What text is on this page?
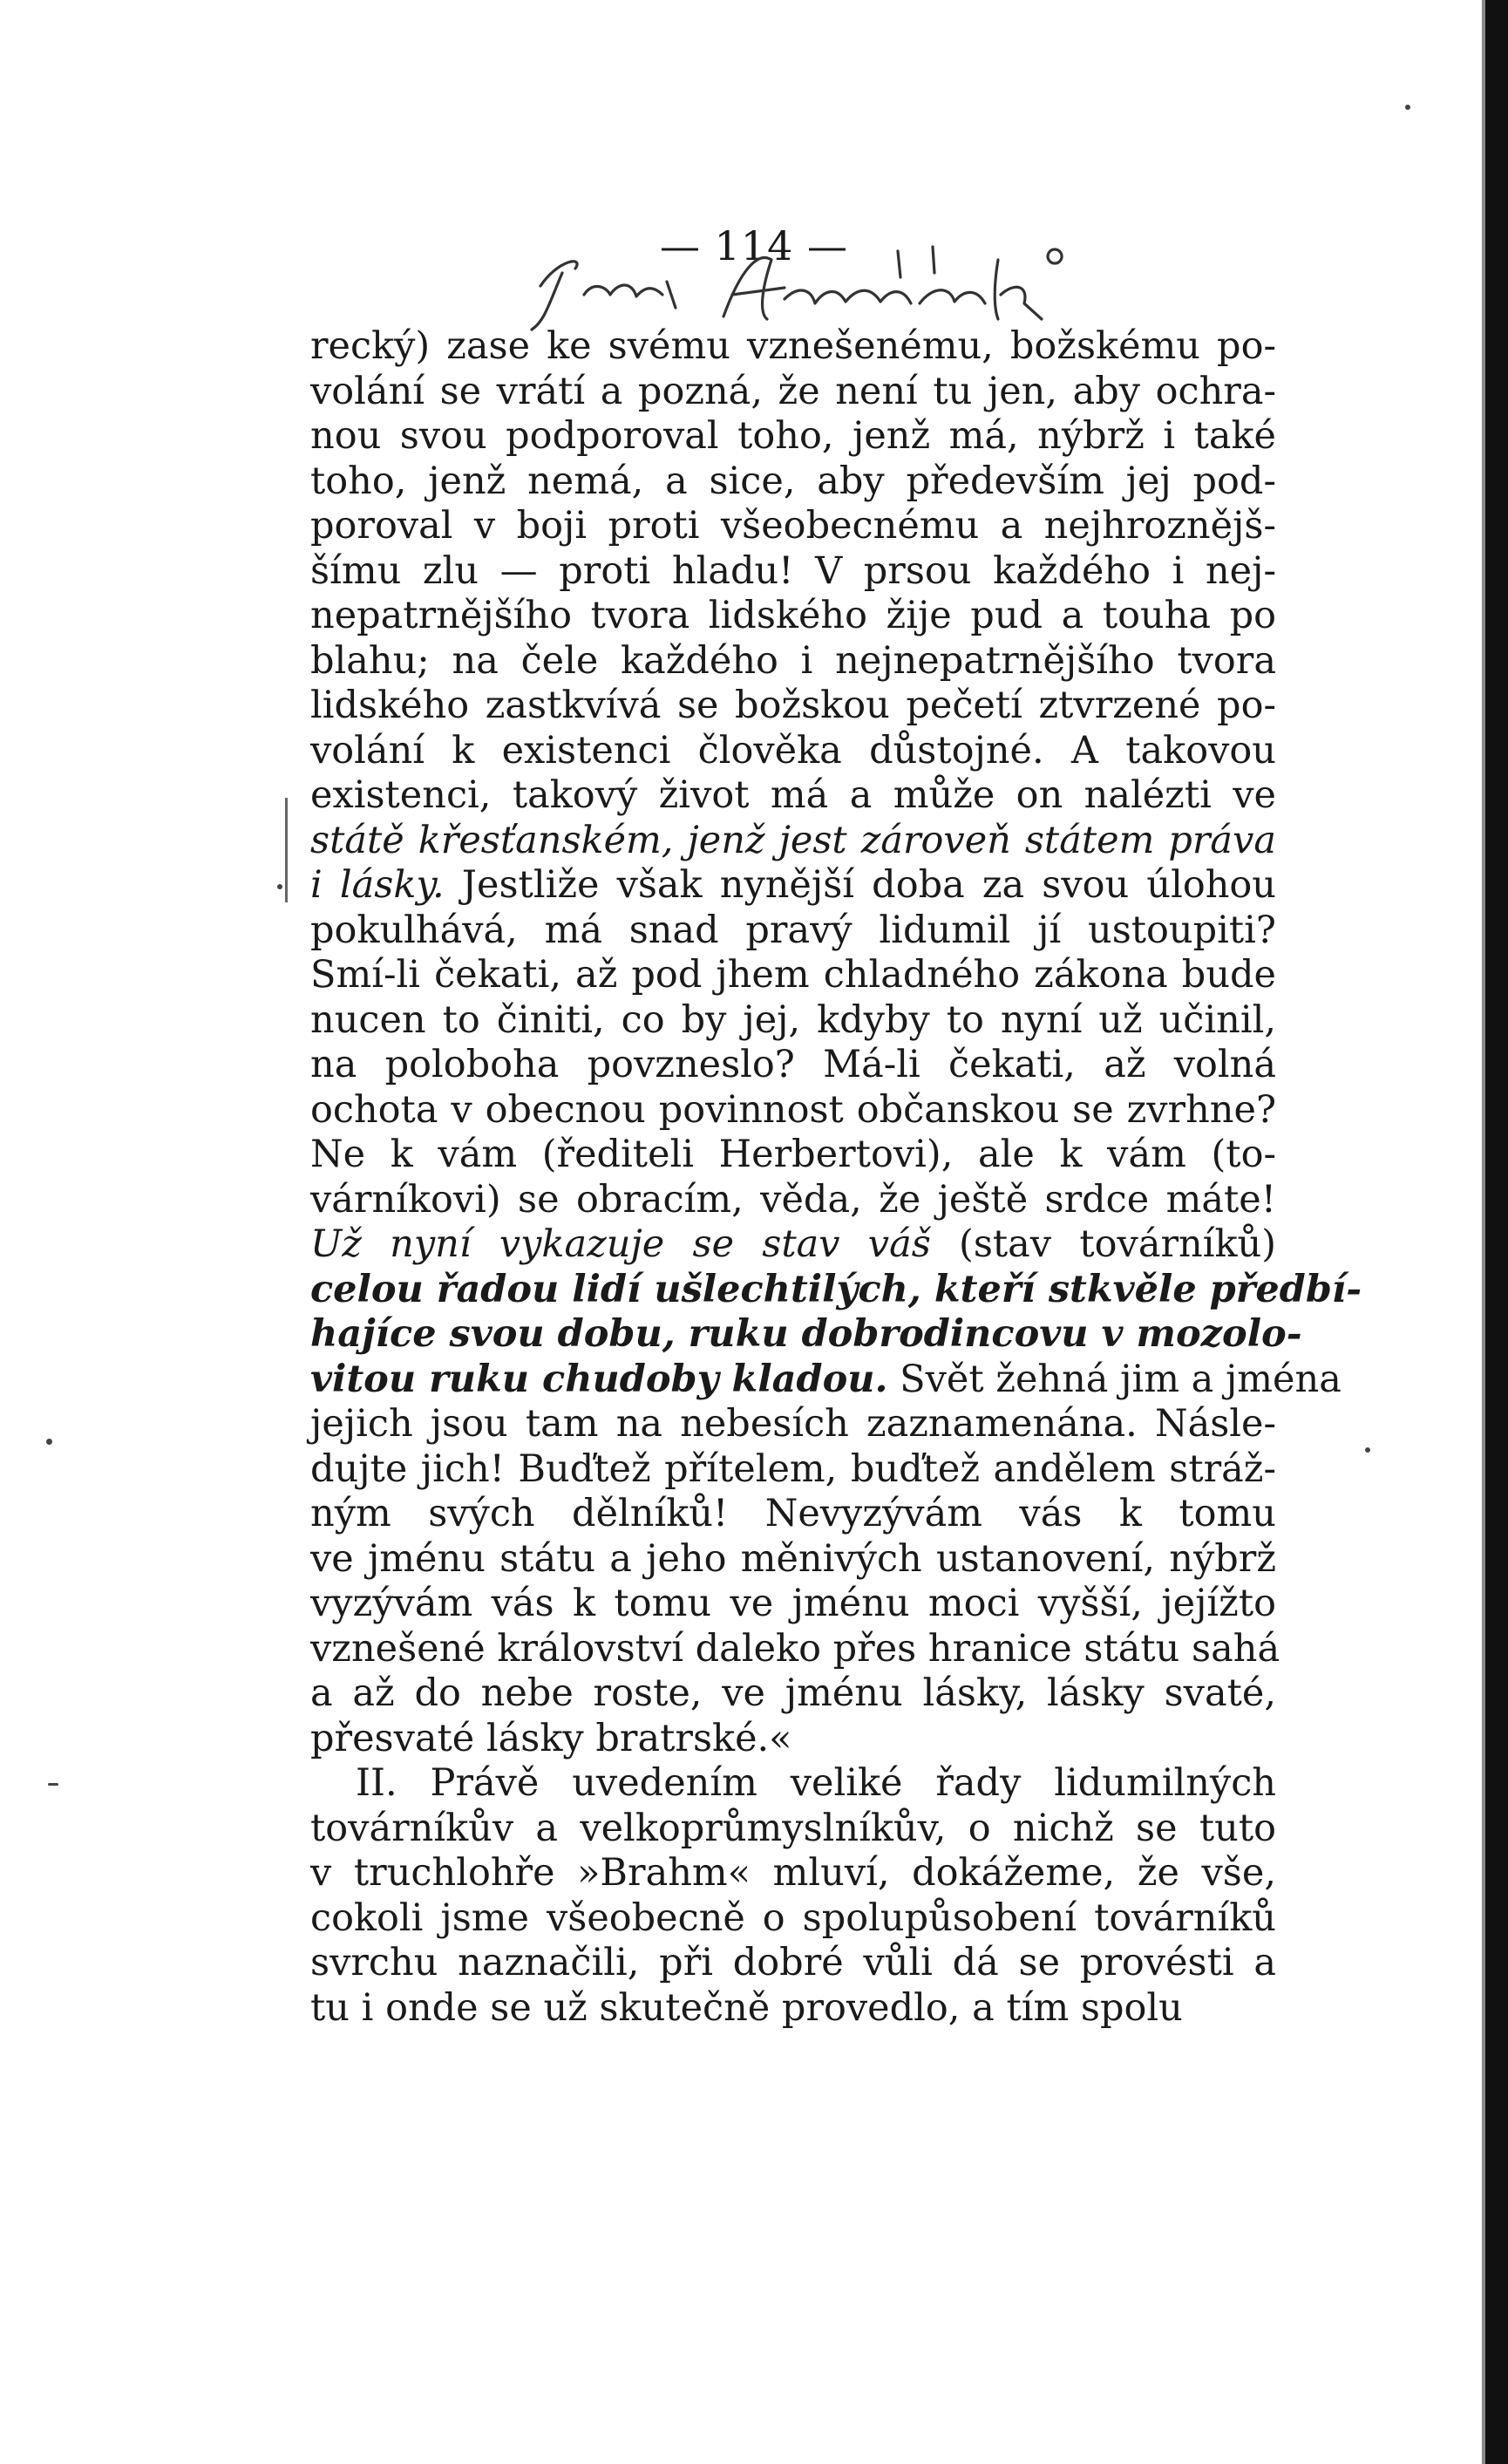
— 114 —
recký) zase ke svému vznešenému, božskému po-
volání se vrátí a pozná, že není tu jen, aby ochra-
nou svou podporoval toho, jenž má, nýbrž i také
toho, jenž nemá, a sice, aby především jej pod-
poroval v boji proti všeobecnému a nejhroznějš-
šímu zlu — proti hladu! V prsou každého i nej-
nepatrnějšího tvora lidského žije pud a touha po
blahu; na čele každého i nejnepatrnějšího tvora
lidského zastkvívá se božskou pečetí ztvrzené po-
volání k existenci člověka důstojné. A takovou
existenci, takový život má a může on nalézti ve
státě křesťanském, jenž jest zároveň státem práva
i lásky. Jestliže však nynější doba za svou úlohou
pokulhává, má snad pravý lidumil jí ustoupiti?
Smí-li čekati, až pod jhem chladného zákona bude
nucen to činiti, co by jej, kdyby to nyní už učinil,
na poloboha povzneslo? Má-li čekati, až volná
ochota v obecnou povinnost občanskou se zvrhne?
Ne k vám (řediteli Herbertovi), ale k vám (to-
várníkovi) se obracím, věda, že ještě srdce máte!
Už nyní vykazuje se stav váš (stav továrníků)
celou řadou lidí ušlechtilých, kteří stkvěle předbí-
hajíce svou dobu, ruku dobrodincovu v mozolo-
vitou ruku chudoby kladou. Svět žehná jim a jména
jejich jsou tam na nebesích zaznamenána. Násle-
dujte jich! Buďtež přítelem, buďtež andělem stráž-
ným svých dělníků! Nevyzývám vás k tomu
ve jménu státu a jeho měnivých ustanovení, nýbrž
vyzývám vás k tomu ve jménu moci vyšší, jejížto
vznešené království daleko přes hranice státu sahá
a až do nebe roste, ve jménu lásky, lásky svaté,
přesvaté lásky bratrské.«
II. Právě uvedením veliké řady lidumilných
továrníkův a velkoprůmyslníkův, o nichž se tuto
v truchlohře »Brahm« mluví, dokážeme, že vše,
cokoli jsme všeobecně o spolupůsobení továrníků
svrchu naznačili, při dobré vůli dá se provésti a
tu i onde se už skutečně provedlo, a tím spolu
